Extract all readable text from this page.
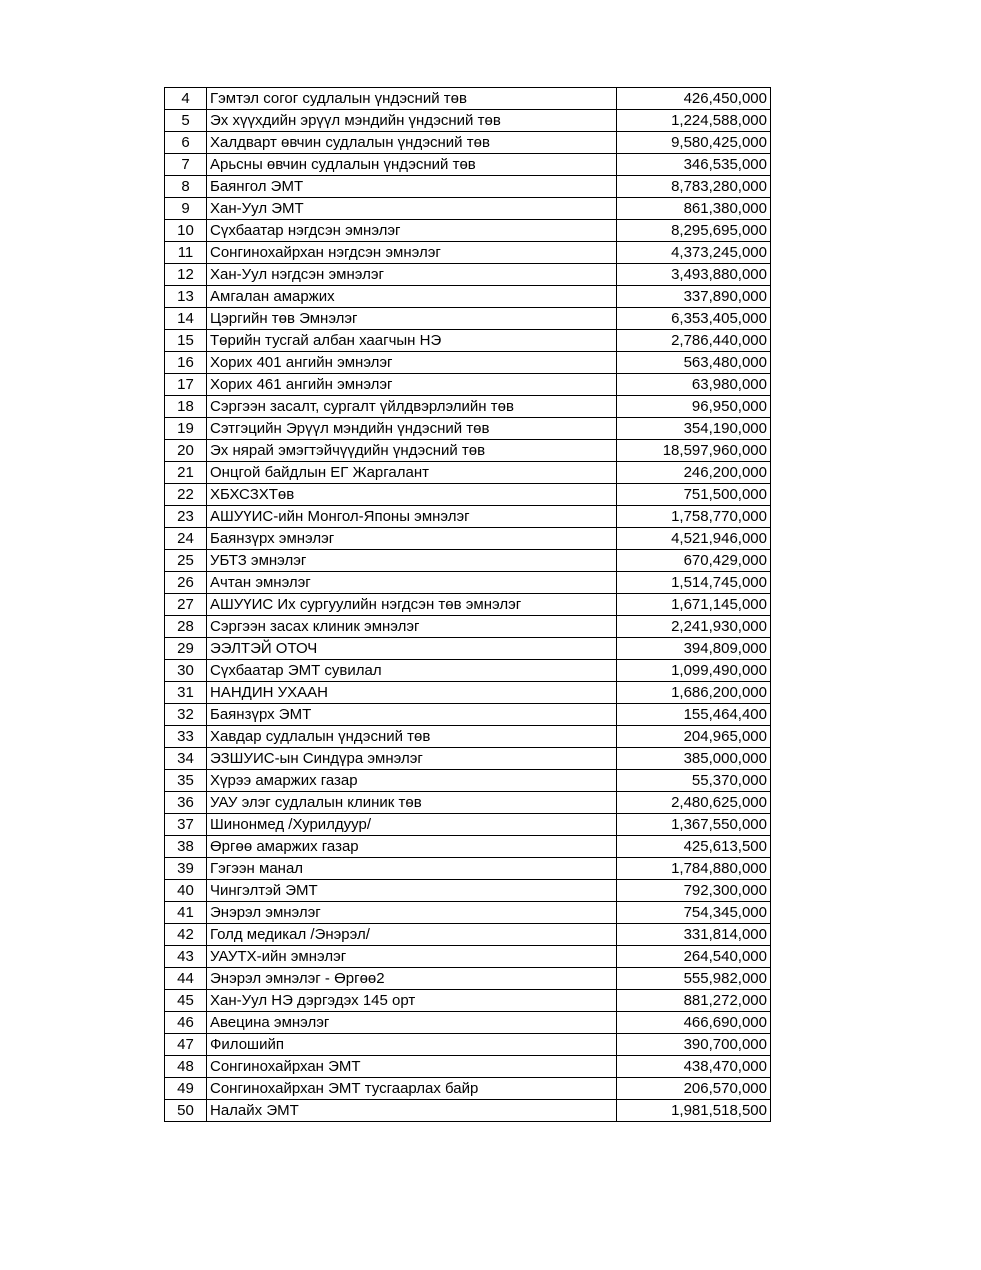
4	Гэмтэл согог судлалын үндэсний төв	426,450,000
5	Эх хүүхдийн эрүүл мэндийн үндэсний төв	1,224,588,000
6	Халдварт өвчин судлалын үндэсний төв	9,580,425,000
7	Арьсны өвчин судлалын үндэсний төв	346,535,000
8	Баянгол ЭМТ	8,783,280,000
9	Хан-Уул ЭМТ	861,380,000
10	Сүхбаатар нэгдсэн эмнэлэг	8,295,695,000
11	Сонгинохайрхан нэгдсэн эмнэлэг	4,373,245,000
12	Хан-Уул нэгдсэн эмнэлэг	3,493,880,000
13	Амгалан амаржих	337,890,000
14	Цэргийн төв Эмнэлэг	6,353,405,000
15	Төрийн тусгай албан хаагчын НЭ	2,786,440,000
16	Хорих 401 ангийн эмнэлэг	563,480,000
17	Хорих 461 ангийн эмнэлэг	63,980,000
18	Сэргээн засалт, сургалт үйлдвэрлэлийн төв	96,950,000
19	Сэтгэцийн Эрүүл мэндийн үндэсний төв	354,190,000
20	Эх нярай эмэгтэйчүүдийн үндэсний төв	18,597,960,000
21	Онцгой байдлын ЕГ Жаргалант	246,200,000
22	ХБХСЗХТөв	751,500,000
23	АШУҮИС-ийн Монгол-Японы эмнэлэг	1,758,770,000
24	Баянзүрх эмнэлэг	4,521,946,000
25	УБТЗ эмнэлэг	670,429,000
26	Ачтан эмнэлэг	1,514,745,000
27	АШУҮИС Их сургуулийн нэгдсэн төв эмнэлэг	1,671,145,000
28	Сэргээн засах клиник эмнэлэг	2,241,930,000
29	ЭЭЛТЭЙ ОТОЧ	394,809,000
30	Сүхбаатар ЭМТ сувилал	1,099,490,000
31	НАНДИН УХААН	1,686,200,000
32	Баянзүрх ЭМТ	155,464,400
33	Хавдар судлалын үндэсний төв	204,965,000
34	ЭЗШУИС-ын Синдүра эмнэлэг	385,000,000
35	Хүрээ амаржих газар	55,370,000
36	УАУ элэг судлалын клиник төв	2,480,625,000
37	Шинонмед /Хурилдуур/	1,367,550,000
38	Өргөө амаржих газар	425,613,500
39	Гэгээн манал	1,784,880,000
40	Чингэлтэй ЭМТ	792,300,000
41	Энэрэл эмнэлэг	754,345,000
42	Голд медикал /Энэрэл/	331,814,000
43	УАУТХ-ийн эмнэлэг	264,540,000
44	Энэрэл эмнэлэг - Өргөө2	555,982,000
45	Хан-Уул НЭ дэргэдэх 145 орт	881,272,000
46	Авецина эмнэлэг	466,690,000
47	Филошийп	390,700,000
48	Сонгинохайрхан ЭМТ	438,470,000
49	Сонгинохайрхан ЭМТ тусгаарлах байр	206,570,000
50	Налайх ЭМТ	1,981,518,500
